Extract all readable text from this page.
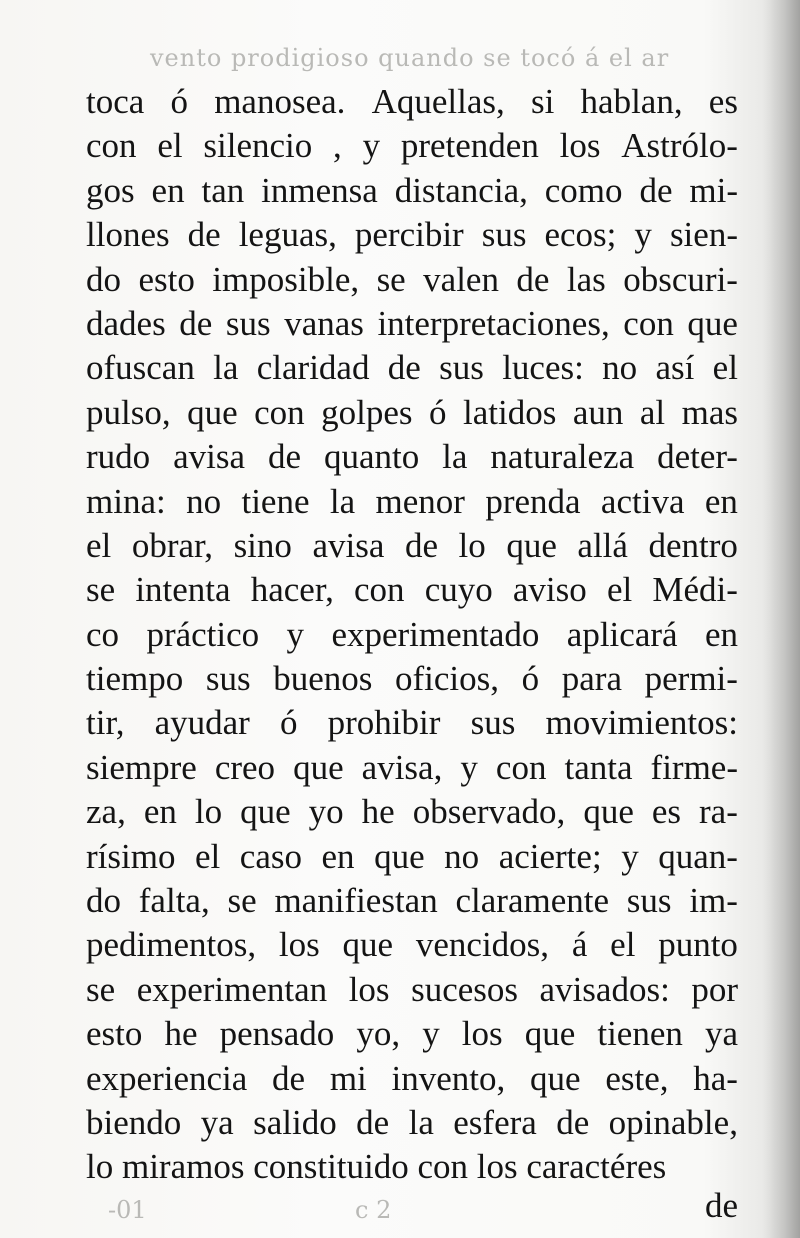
vento prodigioso quando se tocó á el ar
-01	c 2
toca ó manosea. Aquellas, si hablan, es
con el silencio , y pretenden los Astrólo-
gos en tan inmensa distancia, como de mi-
llones de leguas, percibir sus ecos; y sien-
do esto imposible, se valen de las obscuri-
dades de sus vanas interpretaciones, con que
ofuscan la claridad de sus luces: no así el
pulso, que con golpes ó latidos aun al mas
rudo avisa de quanto la naturaleza deter-
mina: no tiene la menor prenda activa en
el obrar, sino avisa de lo que allá dentro
se intenta hacer, con cuyo aviso el Médi-
co práctico y experimentado aplicará en
tiempo sus buenos oficios, ó para permi-
tir, ayudar ó prohibir sus movimientos:
siempre creo que avisa, y con tanta firme-
za, en lo que yo he observado, que es ra-
rísimo el caso en que no acierte; y quan-
do falta, se manifiestan claramente sus im-
pedimentos, los que vencidos, á el punto
se experimentan los sucesos avisados: por
esto he pensado yo, y los que tienen ya
experiencia de mi invento, que este, ha-
biendo ya salido de la esfera de opinable,
lo miramos constituido con los caractéres
de
